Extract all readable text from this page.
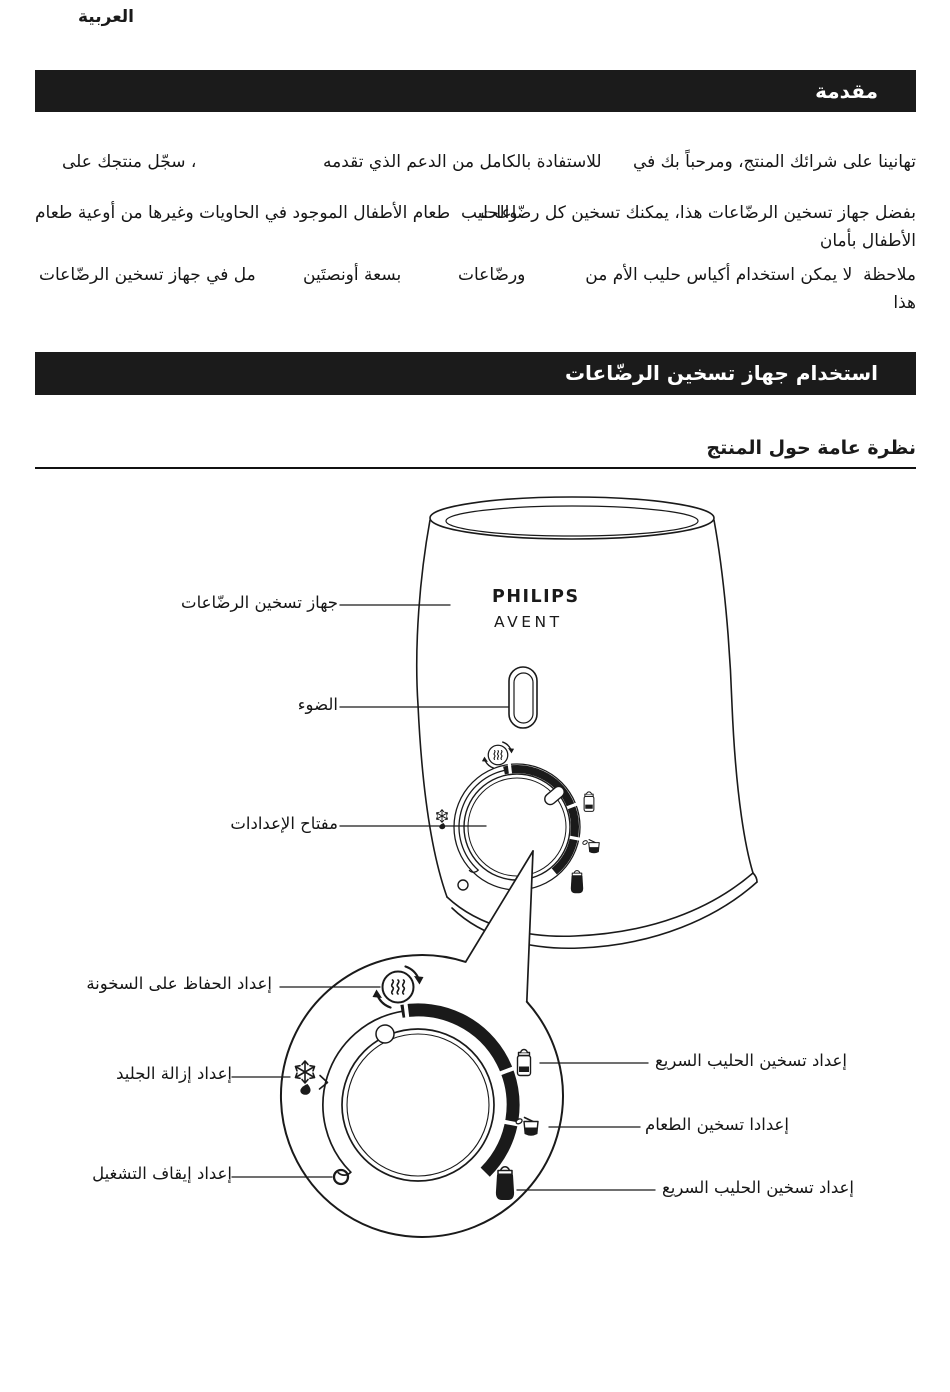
العربية
مقدمة
تهانينا على شرائك المنتج، ومرحباً بك في
للاستفادة بالكامل من الدعم الذي تقدمه
، سجّل منتجك على
بفضل جهاز تسخين الرضّاعات هذا، يمكنك تسخين كل رضّاعات
والحليب  طعام الأطفال الموجود في الحاويات وغيرها من أوعية طعام
الأطفال بأمان
ملاحظة  لا يمكن استخدام أكياس حليب الأم من
ورضّاعات
بسعة أونصتَين
مل في جهاز تسخين الرضّاعات
هذا
استخدام جهاز تسخين الرضّاعات
نظرة عامة حول المنتج
جهاز تسخين الرضّاعات
الضوء
مفتاح الإعدادات
إعداد الحفاظ على السخونة
إعداد إزالة الجليد
إعداد إيقاف التشغيل
إعداد تسخين الحليب السريع
إعدادا تسخين الطعام
إعداد تسخين الحليب السريع
PHILIPS
AVENT
